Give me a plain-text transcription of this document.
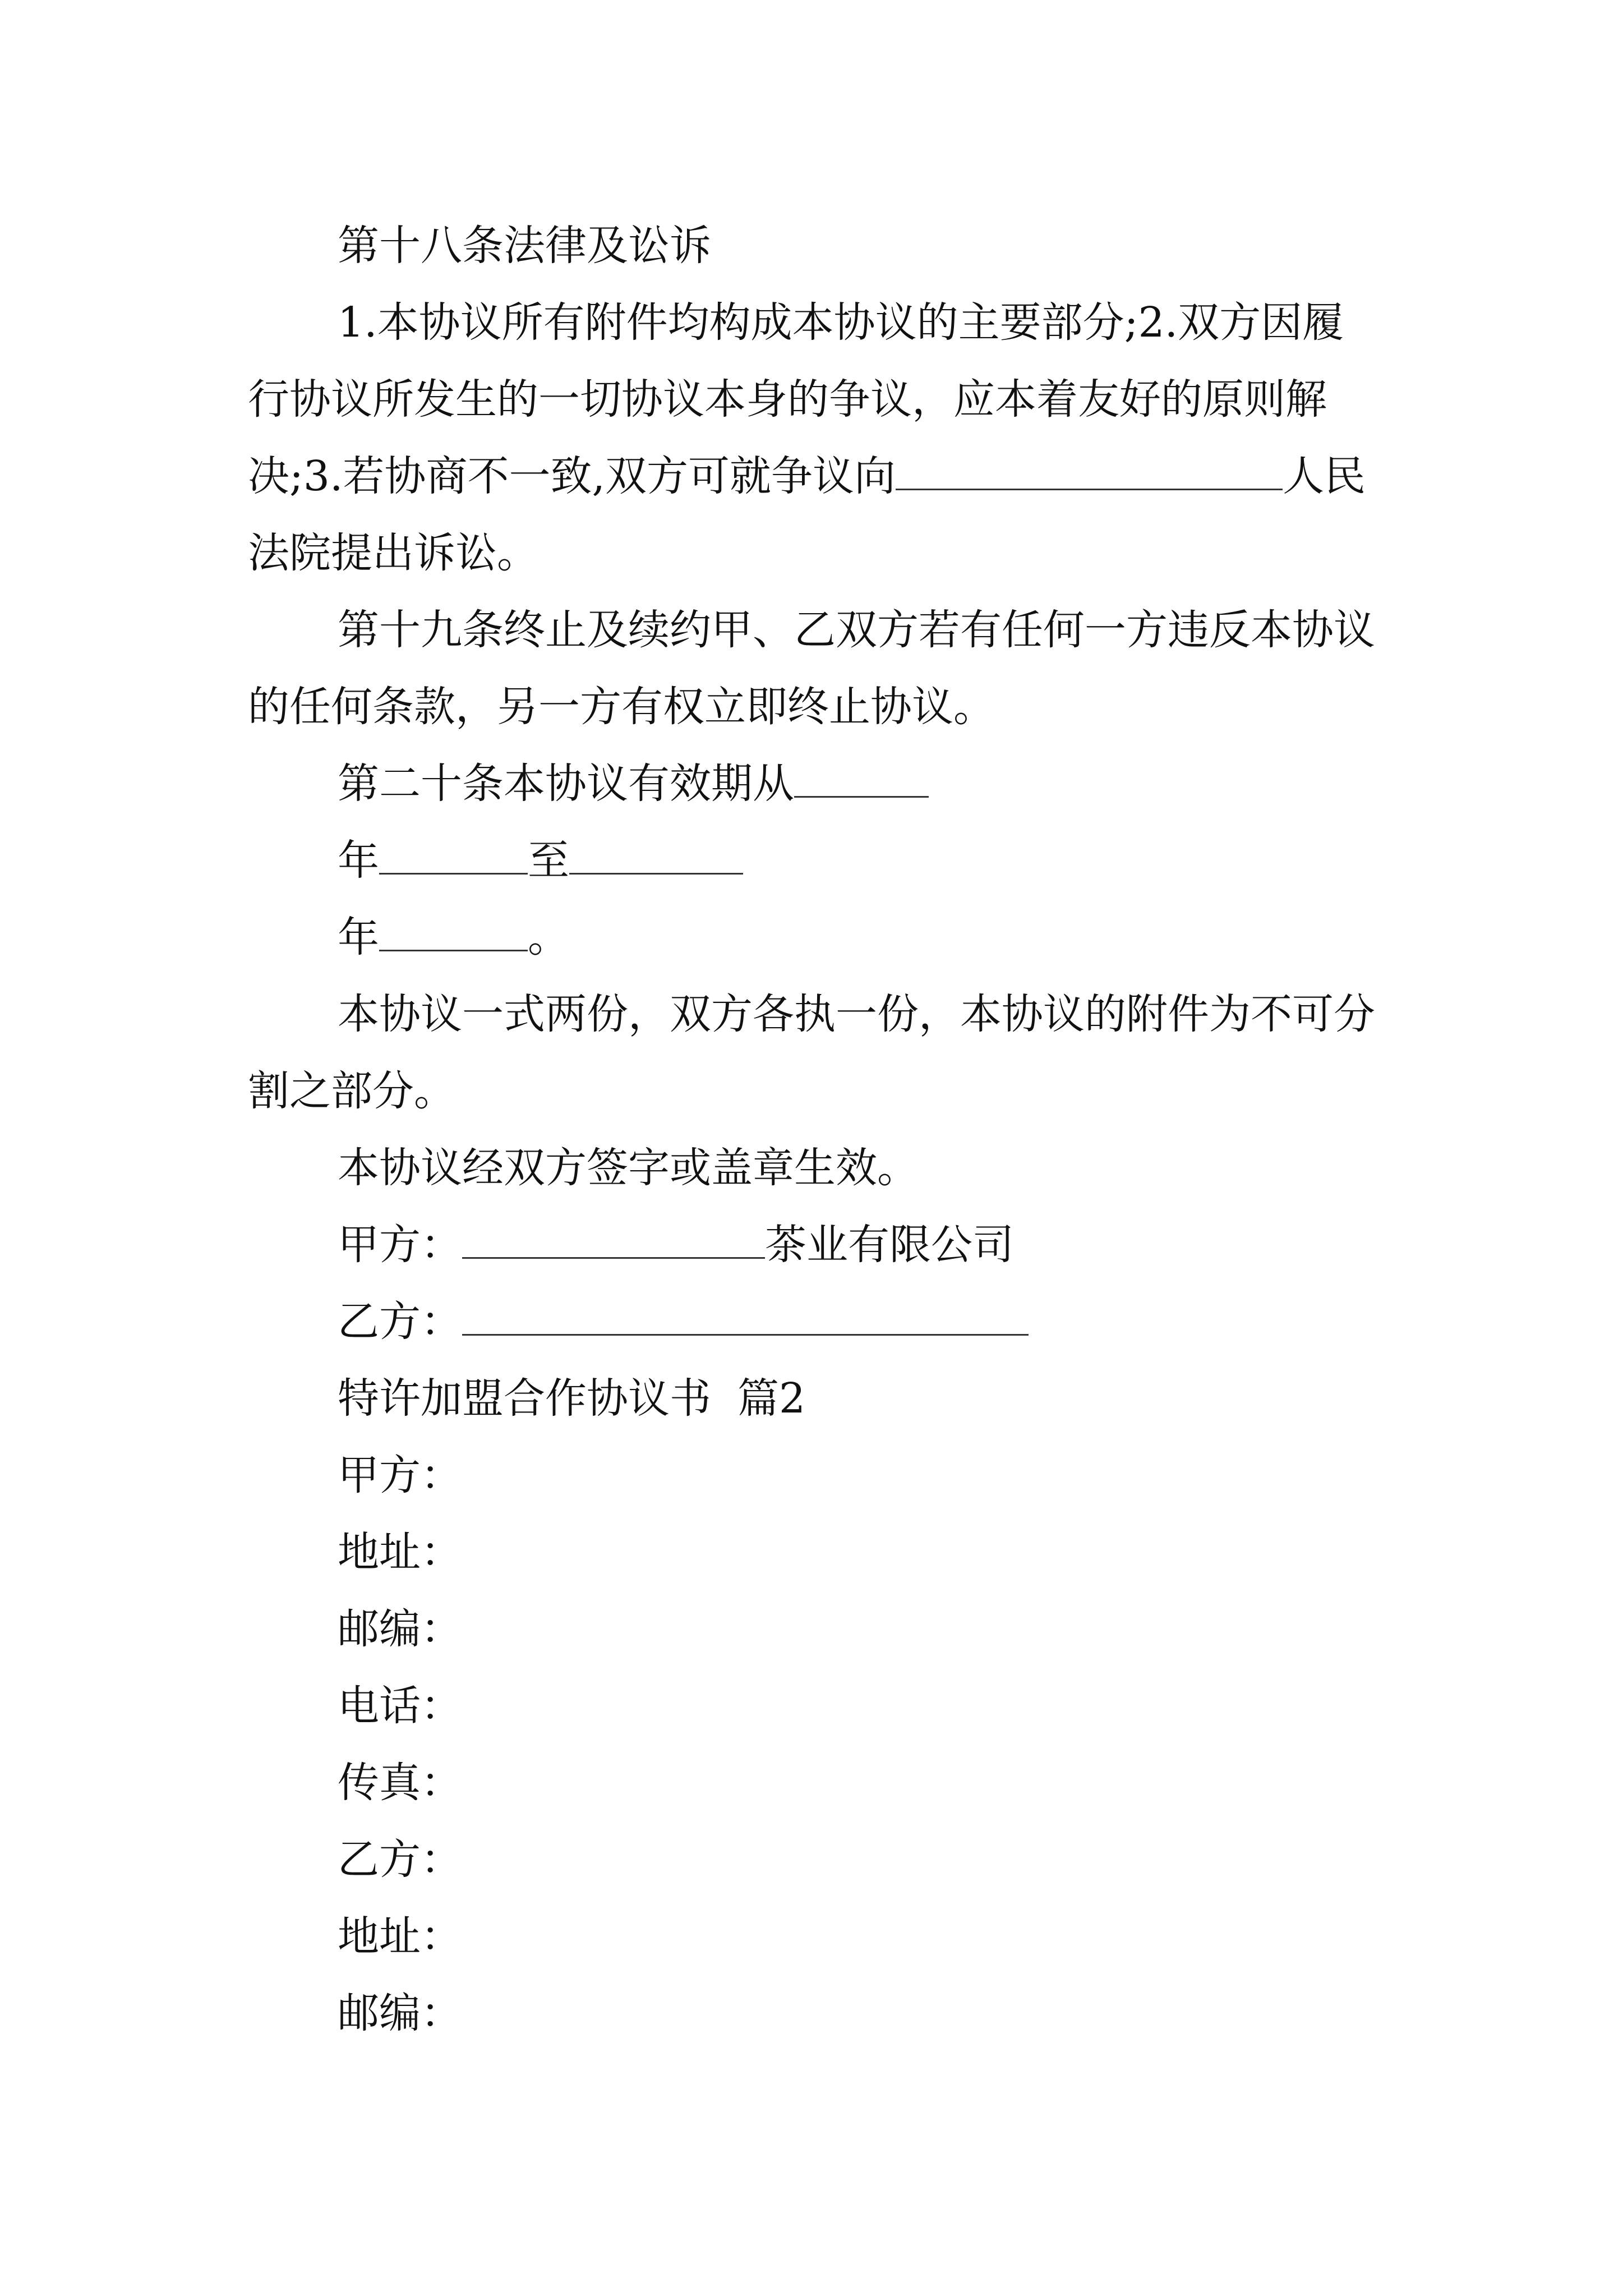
第十八条法律及讼诉

1.本协议所有附件均构成本协议的主要部分;2.双方因履行协议所发生的一切协议本身的争议，应本着友好的原则解决;3.若协商不一致,双方可就争议向	人民法院提出诉讼。

第十九条终止及续约甲、乙双方若有任何一方违反本协议的任何条款，另一方有权立即终止协议。

第二十条本协议有效期从

年	至

年	。

本协议一式两份，双方各执一份，本协议的附件为不可分割之部分。

本协议经双方签字或盖章生效。

甲方：	茶业有限公司

乙方：

特许加盟合作协议书  篇2

甲方：

地址：

邮编：

电话：

传真：

乙方：

地址：

邮编：
